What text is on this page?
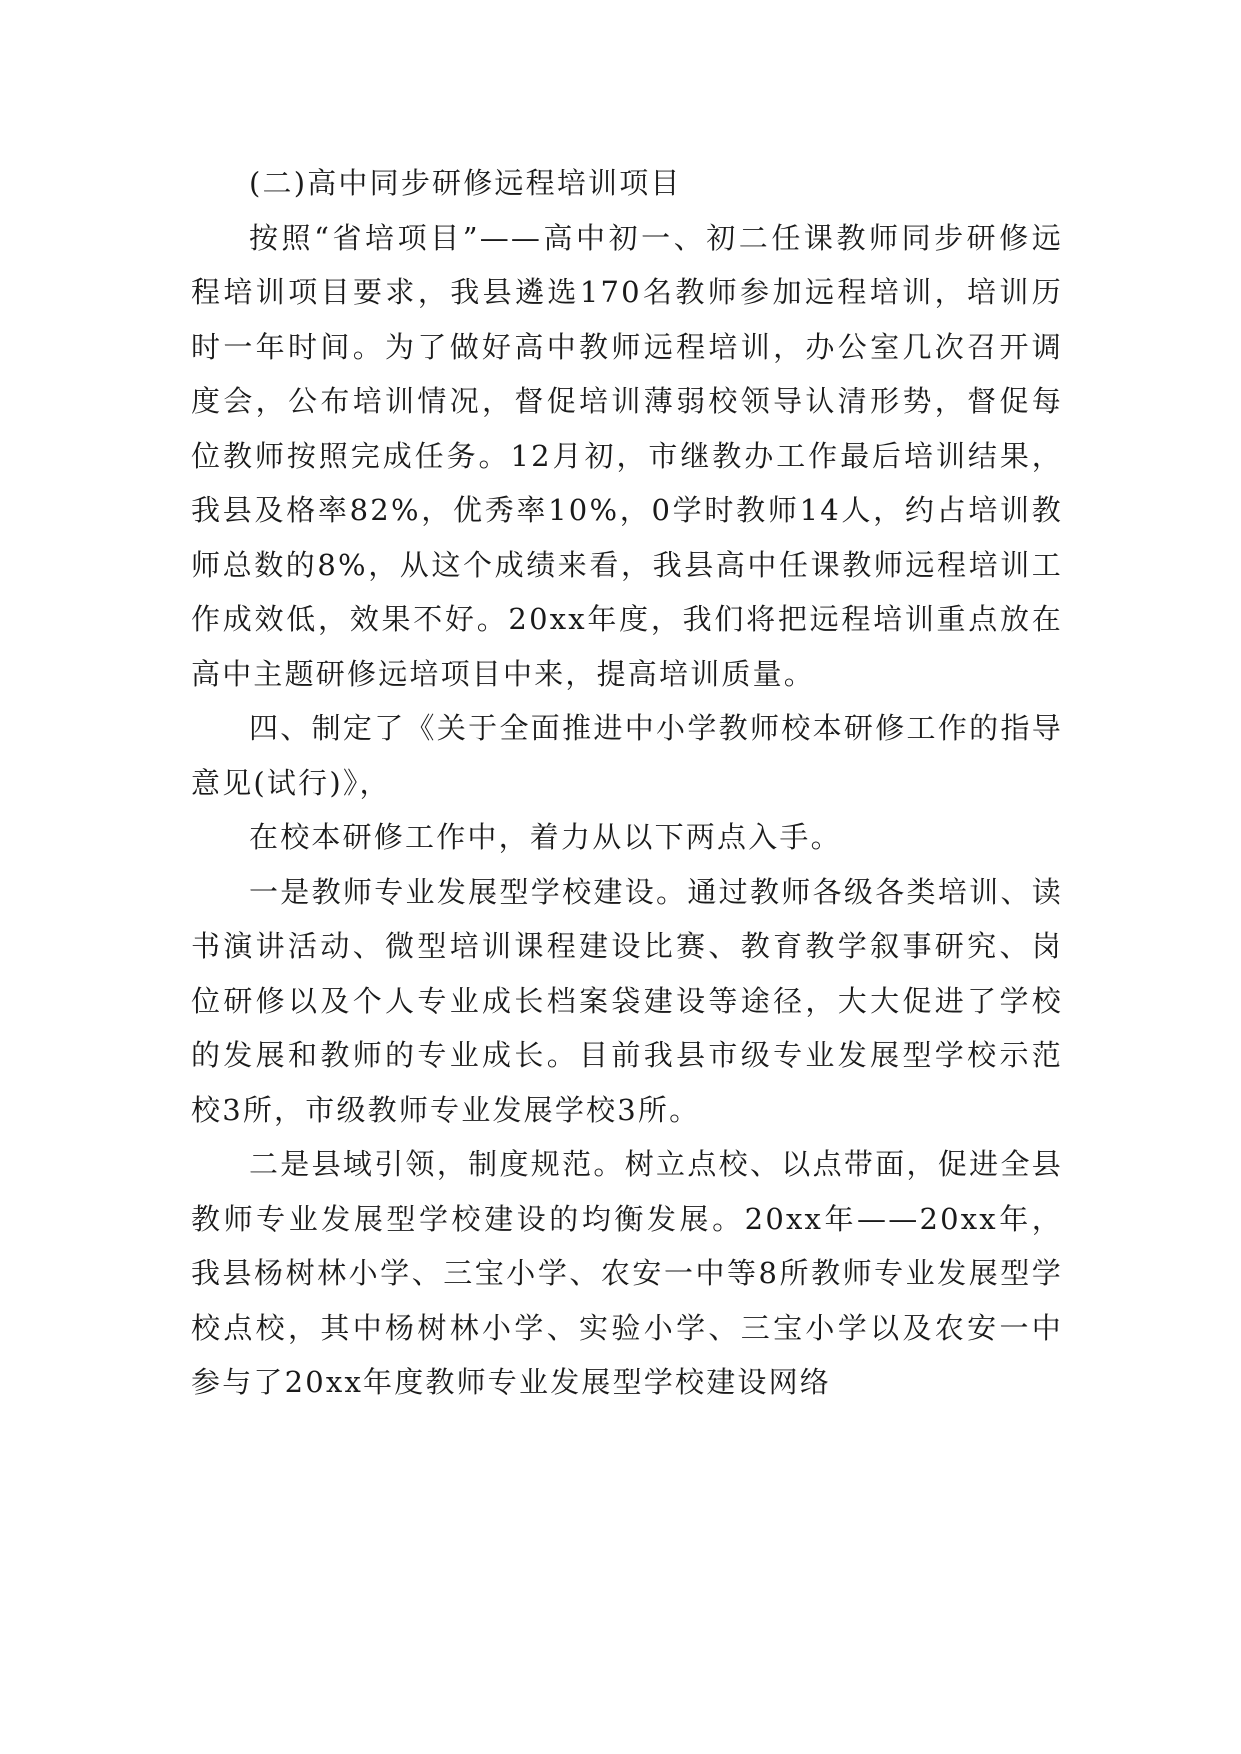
(二)高中同步研修远程培训项目

按照“省培项目”——高中初一、初二任课教师同步研修远程培训项目要求，我县遴选170名教师参加远程培训，培训历时一年时间。为了做好高中教师远程培训，办公室几次召开调度会，公布培训情况，督促培训薄弱校领导认清形势，督促每位教师按照完成任务。12月初，市继教办工作最后培训结果，我县及格率82%，优秀率10%，0学时教师14人，约占培训教师总数的8%，从这个成绩来看，我县高中任课教师远程培训工作成效低，效果不好。20xx年度，我们将把远程培训重点放在高中主题研修远培项目中来，提高培训质量。

四、制定了《关于全面推进中小学教师校本研修工作的指导意见(试行)》，

在校本研修工作中，着力从以下两点入手。

一是教师专业发展型学校建设。通过教师各级各类培训、读书演讲活动、微型培训课程建设比赛、教育教学叙事研究、岗位研修以及个人专业成长档案袋建设等途径，大大促进了学校的发展和教师的专业成长。目前我县市级专业发展型学校示范校3所，市级教师专业发展学校3所。

二是县域引领，制度规范。树立点校、以点带面，促进全县教师专业发展型学校建设的均衡发展。20xx年——20xx年，我县杨树林小学、三宝小学、农安一中等8所教师专业发展型学校点校，其中杨树林小学、实验小学、三宝小学以及农安一中参与了20xx年度教师专业发展型学校建设网络
